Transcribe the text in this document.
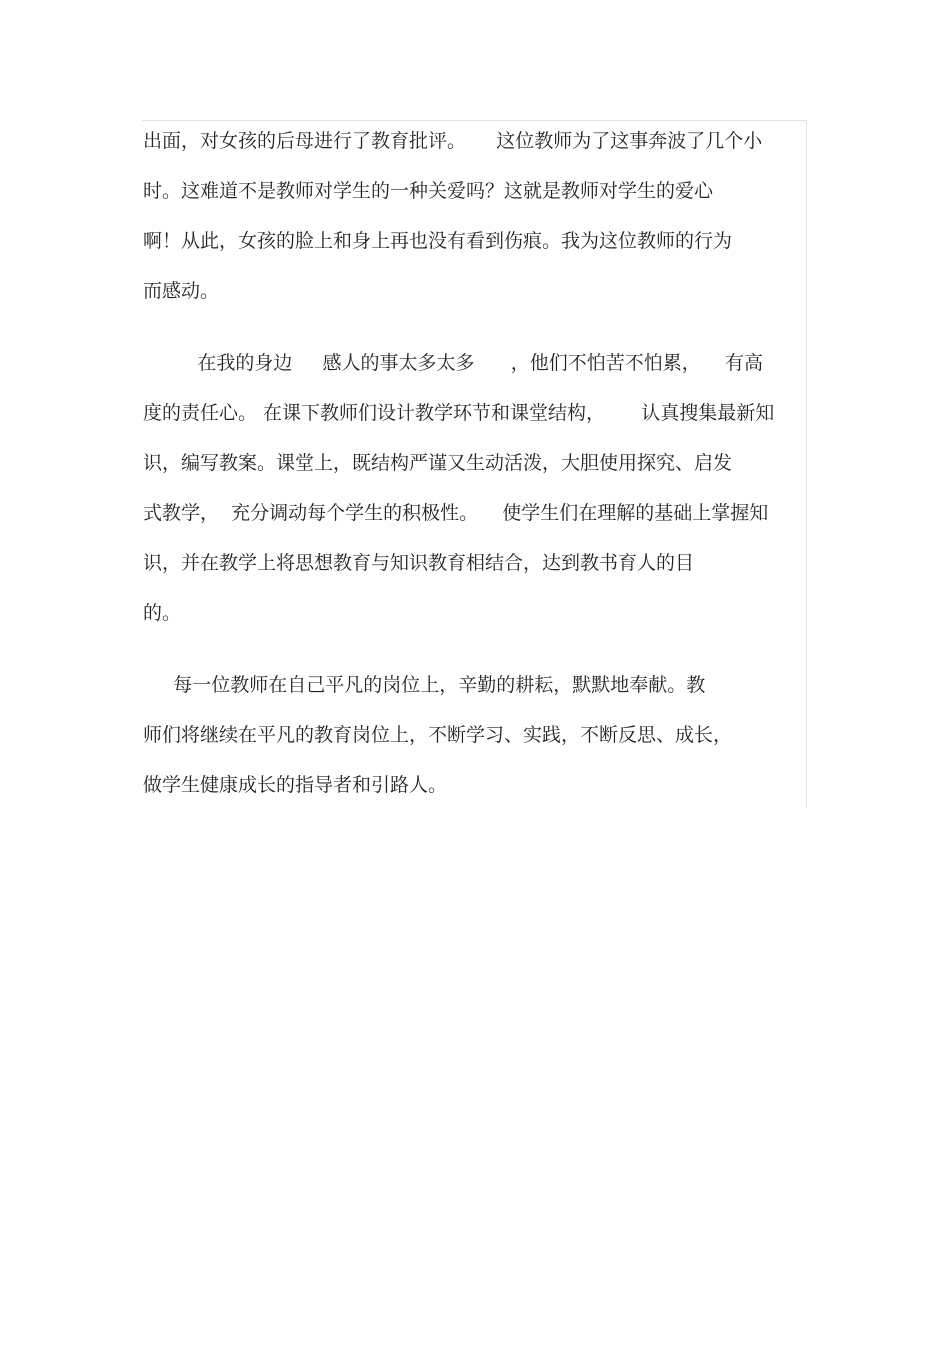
出面，对女孩的后母进行了教育批评。     这位教师为了这事奔波了几个小
时。这难道不是教师对学生的一种关爱吗？这就是教师对学生的爱心
啊！从此，女孩的脸上和身上再也没有看到伤痕。我为这位教师的行为
而感动。
在我的身边     感人的事太多太多      ，他们不怕苦不怕累，    有高
度的责任心。 在课下教师们设计教学环节和课堂结构，      认真搜集最新知
识，编写教案。课堂上，既结构严谨又生动活泼，大胆使用探究、启发
式教学，  充分调动每个学生的积极性。    使学生们在理解的基础上掌握知
识，并在教学上将思想教育与知识教育相结合，达到教书育人的目
的。
每一位教师在自己平凡的岗位上，辛勤的耕耘，默默地奉献。教
师们将继续在平凡的教育岗位上，不断学习、实践，不断反思、成长，
做学生健康成长的指导者和引路人。
